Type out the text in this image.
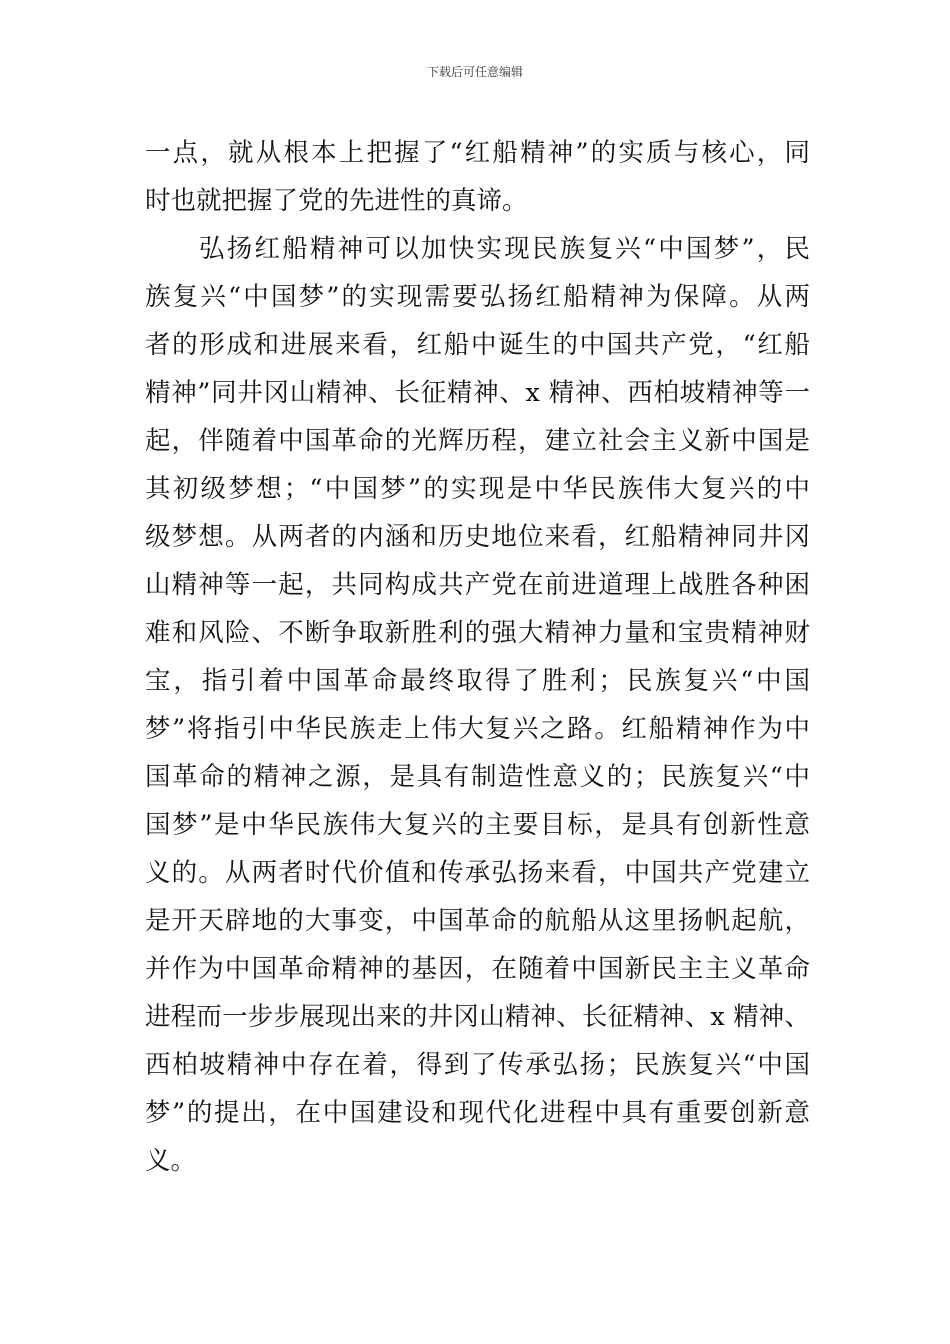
下载后可任意编辑
一点，就从根本上把握了“红船精神”的实质与核心，同
时也就把握了党的先进性的真谛。
弘扬红船精神可以加快实现民族复兴“中国梦”，民
族复兴“中国梦”的实现需要弘扬红船精神为保障。从两
者的形成和进展来看，红船中诞生的中国共产党，“红船
精神”同井冈山精神、长征精神、x 精神、西柏坡精神等一
起，伴随着中国革命的光辉历程，建立社会主义新中国是
其初级梦想；“中国梦”的实现是中华民族伟大复兴的中
级梦想。从两者的内涵和历史地位来看，红船精神同井冈
山精神等一起，共同构成共产党在前进道理上战胜各种困
难和风险、不断争取新胜利的强大精神力量和宝贵精神财
宝，指引着中国革命最终取得了胜利；民族复兴“中国
梦”将指引中华民族走上伟大复兴之路。红船精神作为中
国革命的精神之源，是具有制造性意义的；民族复兴“中
国梦”是中华民族伟大复兴的主要目标，是具有创新性意
义的。从两者时代价值和传承弘扬来看，中国共产党建立
是开天辟地的大事变，中国革命的航船从这里扬帆起航，
并作为中国革命精神的基因，在随着中国新民主主义革命
进程而一步步展现出来的井冈山精神、长征精神、x 精神、
西柏坡精神中存在着，得到了传承弘扬；民族复兴“中国
梦”的提出，在中国建设和现代化进程中具有重要创新意
义。
